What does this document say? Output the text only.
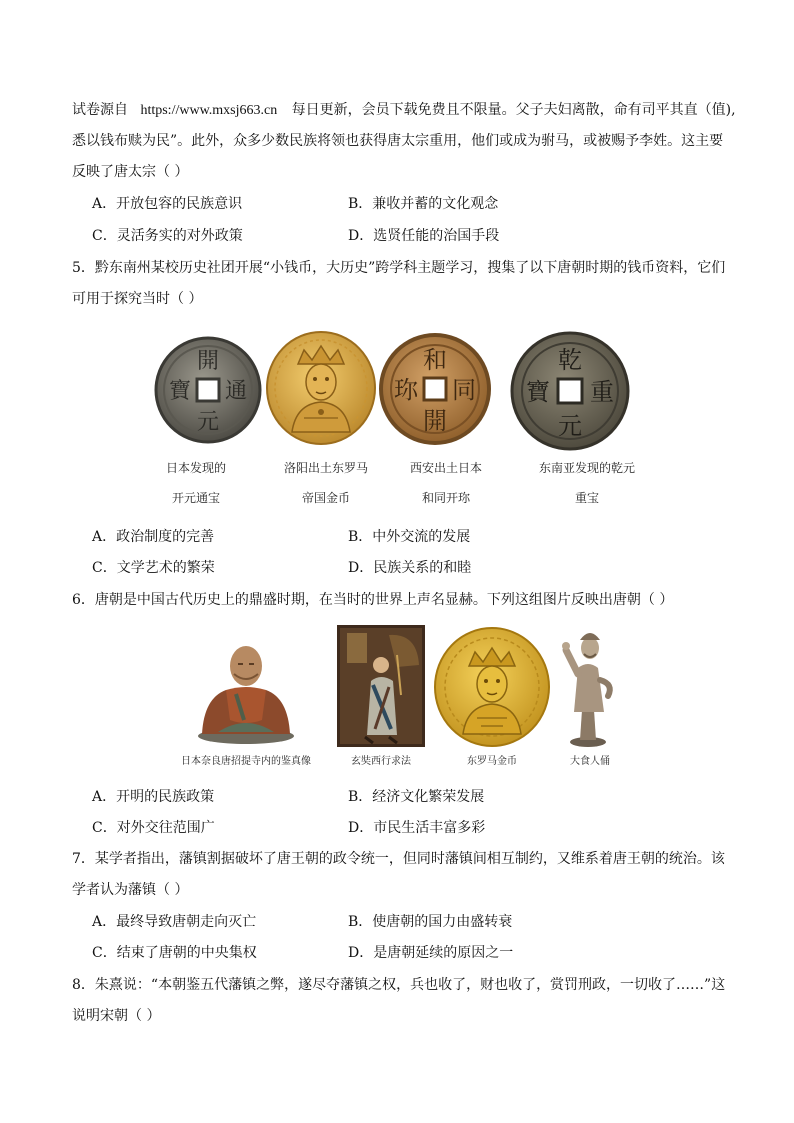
试卷源自 https://www.mxsj663.cn 每日更新，会员下载免费且不限量。父子夫妇离散，命有司平其直（值),
悉以钱布赎为民”。此外，众多少数民族将领也获得唐太宗重用，他们或成为驸马，或被赐予李姓。这主要
反映了唐太宗（ ）
A．开放包容的民族意识	B．兼收并蓄的文化观念
C．灵活务实的对外政策	D．选贤任能的治国手段
5．黔东南州某校历史社团开展“小钱币，大历史”跨学科主题学习，搜集了以下唐朝时期的钱币资料，它们
可用于探究当时（ ）
開
通
元
寶
和
同
開
珎
乾
重
元
寶
日本发现的
开元通宝
洛阳出土东罗马
帝国金币
西安出土日本
和同开珎
东南亚发现的乾元
重宝
A．政治制度的完善	B．中外交流的发展
C．文学艺术的繁荣	D．民族关系的和睦
6．唐朝是中国古代历史上的鼎盛时期，在当时的世界上声名显赫。下列这组图片反映出唐朝（ ）
日本奈良唐招提寺内的鉴真像	玄奘西行求法	东罗马金币	大食人俑
A．开明的民族政策	B．经济文化繁荣发展
C．对外交往范围广	D．市民生活丰富多彩
7．某学者指出，藩镇割据破坏了唐王朝的政令统一，但同时藩镇间相互制约，又维系着唐王朝的统治。该
学者认为藩镇（ ）
A．最终导致唐朝走向灭亡	B．使唐朝的国力由盛转衰
C．结束了唐朝的中央集权	D．是唐朝延续的原因之一
8．朱熹说：“本朝鉴五代藩镇之弊，遂尽夺藩镇之权，兵也收了，财也收了，赏罚刑政，一切收了……”这
说明宋朝（ ）
